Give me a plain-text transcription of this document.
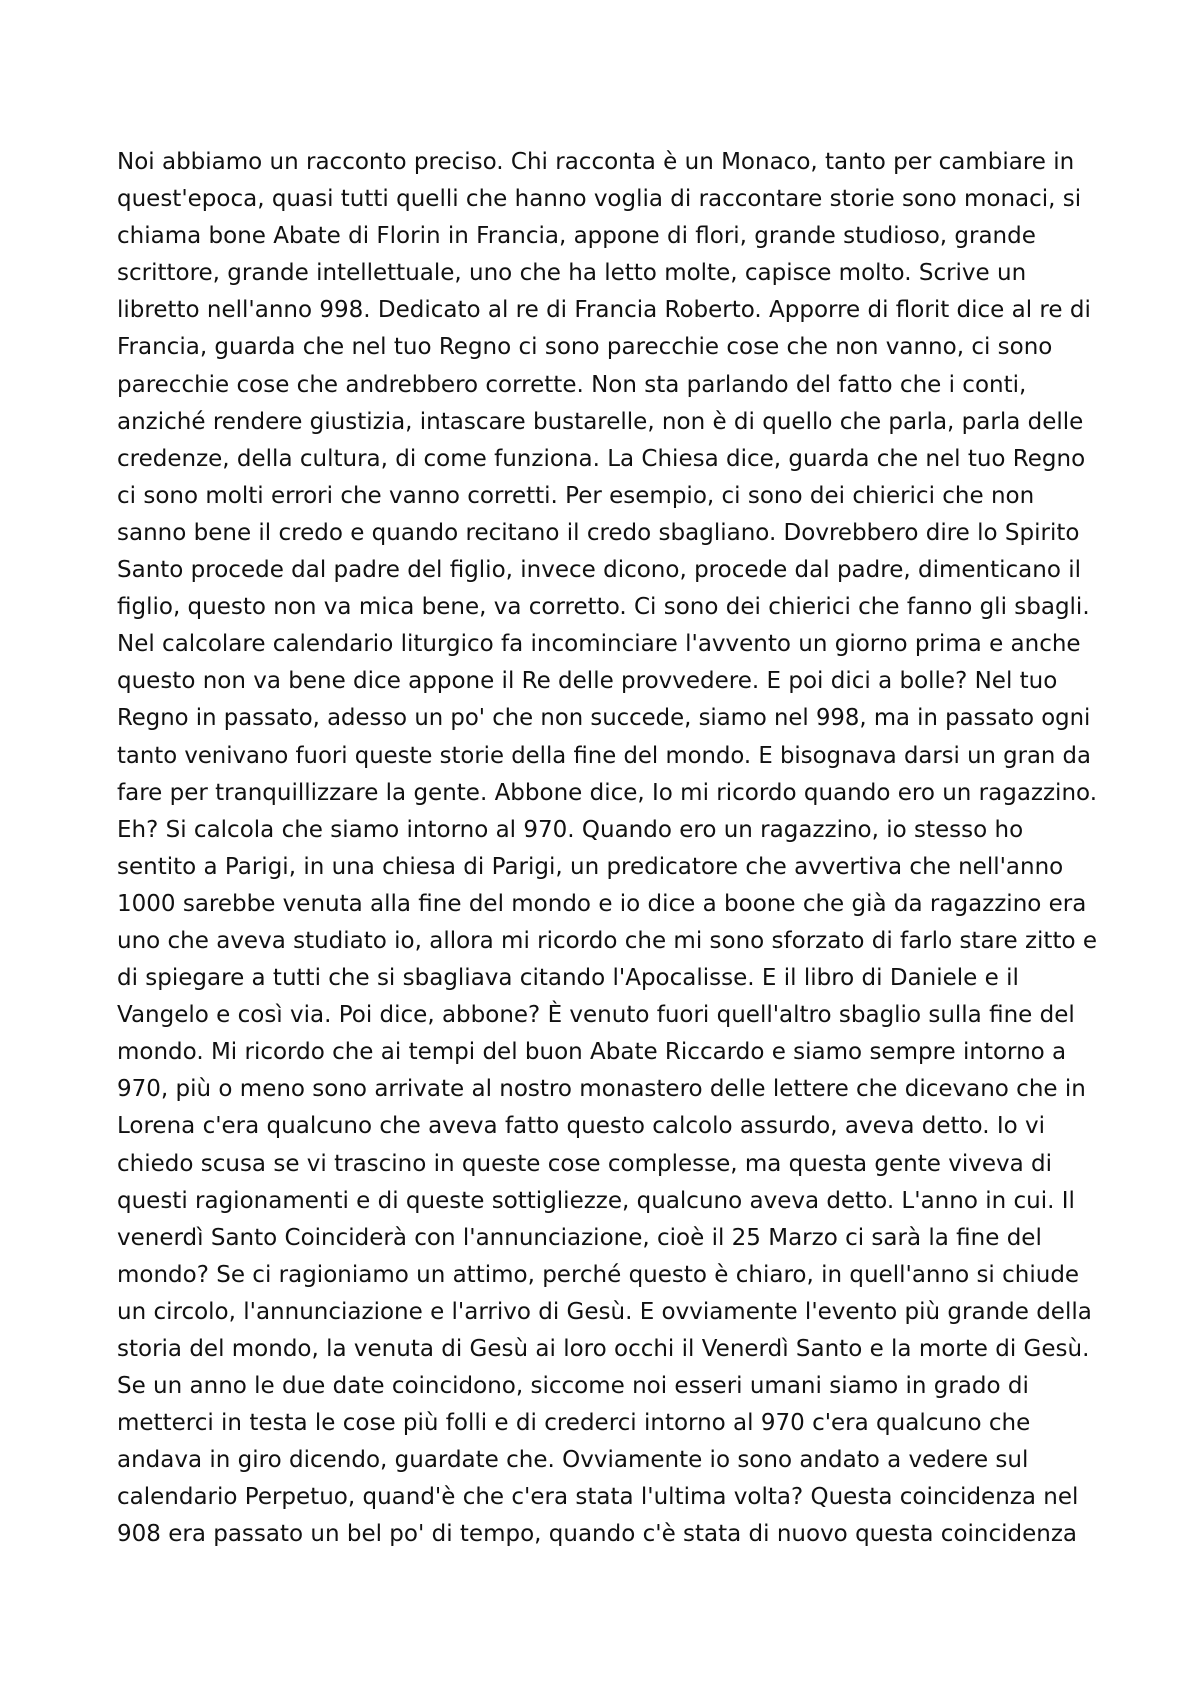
Noi abbiamo un racconto preciso. Chi racconta è un Monaco, tanto per cambiare in
quest'epoca, quasi tutti quelli che hanno voglia di raccontare storie sono monaci, si
chiama bone Abate di Florin in Francia, appone di flori, grande studioso, grande
scrittore, grande intellettuale, uno che ha letto molte, capisce molto. Scrive un
libretto nell'anno 998. Dedicato al re di Francia Roberto. Apporre di florit dice al re di
Francia, guarda che nel tuo Regno ci sono parecchie cose che non vanno, ci sono
parecchie cose che andrebbero corrette. Non sta parlando del fatto che i conti,
anziché rendere giustizia, intascare bustarelle, non è di quello che parla, parla delle
credenze, della cultura, di come funziona. La Chiesa dice, guarda che nel tuo Regno
ci sono molti errori che vanno corretti. Per esempio, ci sono dei chierici che non
sanno bene il credo e quando recitano il credo sbagliano. Dovrebbero dire lo Spirito
Santo procede dal padre del figlio, invece dicono, procede dal padre, dimenticano il
figlio, questo non va mica bene, va corretto. Ci sono dei chierici che fanno gli sbagli.
Nel calcolare calendario liturgico fa incominciare l'avvento un giorno prima e anche
questo non va bene dice appone il Re delle provvedere. E poi dici a bolle? Nel tuo
Regno in passato, adesso un po' che non succede, siamo nel 998, ma in passato ogni
tanto venivano fuori queste storie della fine del mondo. E bisognava darsi un gran da
fare per tranquillizzare la gente. Abbone dice, Io mi ricordo quando ero un ragazzino.
Eh? Si calcola che siamo intorno al 970. Quando ero un ragazzino, io stesso ho
sentito a Parigi, in una chiesa di Parigi, un predicatore che avvertiva che nell'anno
1000 sarebbe venuta alla fine del mondo e io dice a boone che già da ragazzino era
uno che aveva studiato io, allora mi ricordo che mi sono sforzato di farlo stare zitto e
di spiegare a tutti che si sbagliava citando l'Apocalisse. E il libro di Daniele e il
Vangelo e così via. Poi dice, abbone? È venuto fuori quell'altro sbaglio sulla fine del
mondo. Mi ricordo che ai tempi del buon Abate Riccardo e siamo sempre intorno a
970, più o meno sono arrivate al nostro monastero delle lettere che dicevano che in
Lorena c'era qualcuno che aveva fatto questo calcolo assurdo, aveva detto. Io vi
chiedo scusa se vi trascino in queste cose complesse, ma questa gente viveva di
questi ragionamenti e di queste sottigliezze, qualcuno aveva detto. L'anno in cui. Il
venerdì Santo Coinciderà con l'annunciazione, cioè il 25 Marzo ci sarà la fine del
mondo? Se ci ragioniamo un attimo, perché questo è chiaro, in quell'anno si chiude
un circolo, l'annunciazione e l'arrivo di Gesù. E ovviamente l'evento più grande della
storia del mondo, la venuta di Gesù ai loro occhi il Venerdì Santo e la morte di Gesù.
Se un anno le due date coincidono, siccome noi esseri umani siamo in grado di
metterci in testa le cose più folli e di crederci intorno al 970 c'era qualcuno che
andava in giro dicendo, guardate che. Ovviamente io sono andato a vedere sul
calendario Perpetuo, quand'è che c'era stata l'ultima volta? Questa coincidenza nel
908 era passato un bel po' di tempo, quando c'è stata di nuovo questa coincidenza
